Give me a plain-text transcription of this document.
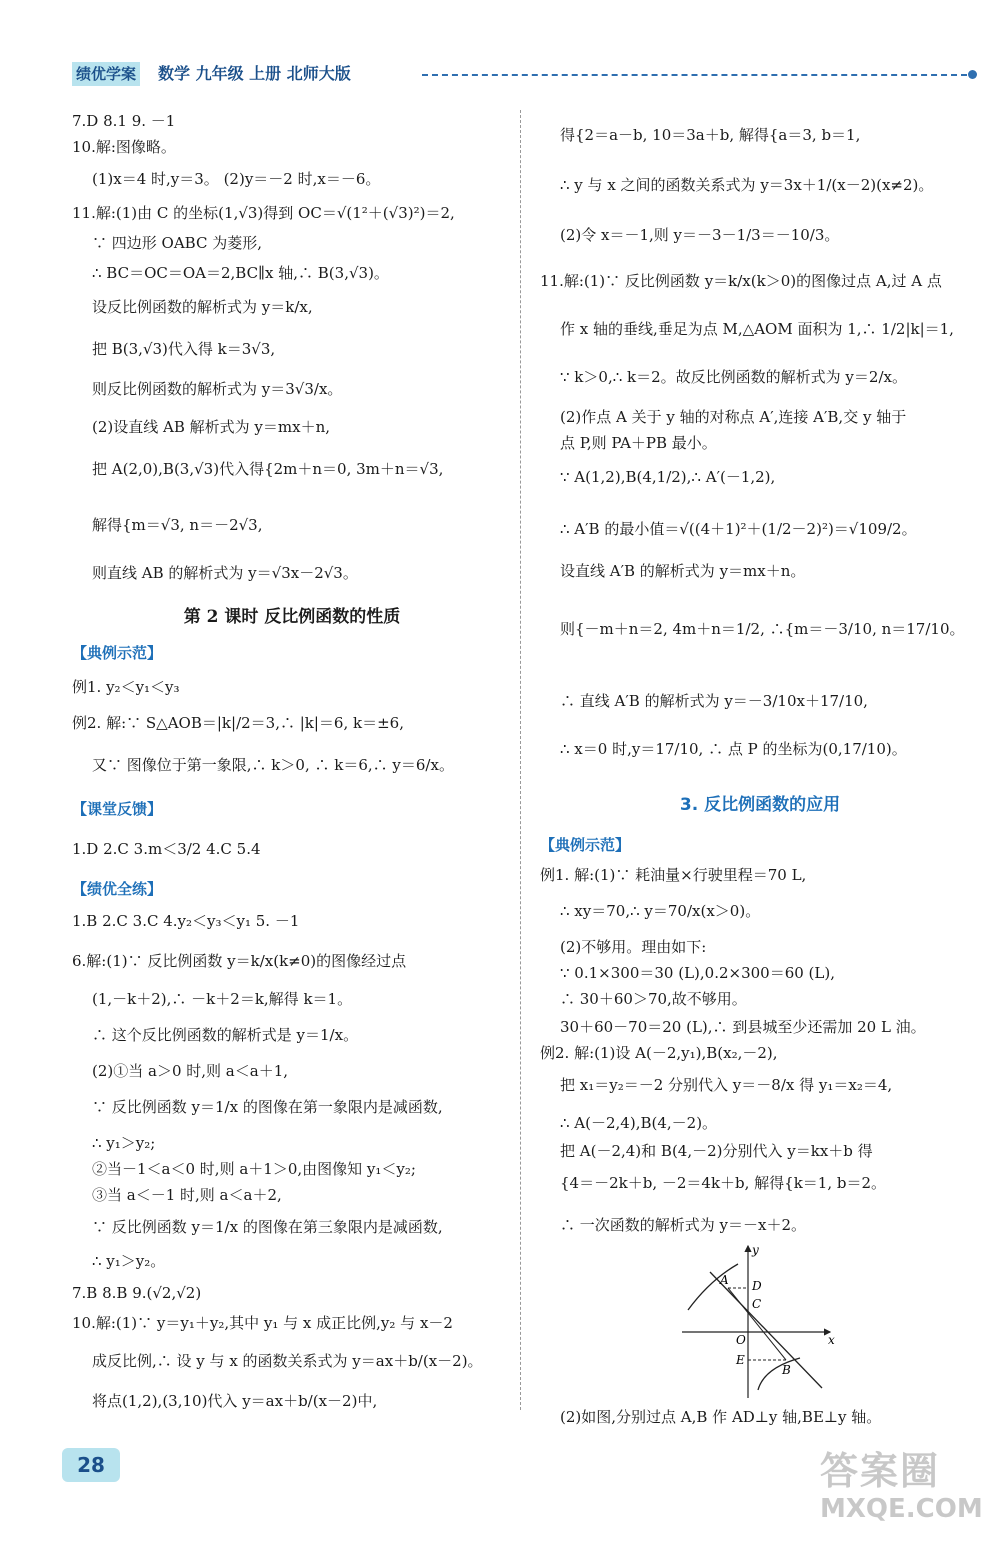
绩优学案 数学 九年级 上册 北师大版
7.D 8.1 9. －1
10.解:图像略。
(1)x＝4 时,y＝3。 (2)y＝－2 时,x＝－6。
11.解:(1)由 C 的坐标(1,√3)得到 OC＝√(1²＋(√3)²)＝2,
∵ 四边形 OABC 为菱形,
∴ BC＝OC＝OA＝2,BC∥x 轴,∴ B(3,√3)。
设反比例函数的解析式为 y＝k/x,
把 B(3,√3)代入得 k＝3√3,
则反比例函数的解析式为 y＝3√3/x。
(2)设直线 AB 解析式为 y＝mx＋n,
把 A(2,0),B(3,√3)代入得{2m＋n＝0, 3m＋n＝√3,
解得{m＝√3, n＝－2√3,
则直线 AB 的解析式为 y＝√3x－2√3。
第 2 课时 反比例函数的性质
【典例示范】
例1. y₂＜y₁＜y₃
例2. 解:∵ S△AOB＝|k|/2＝3,∴ |k|＝6, k＝±6,
又∵ 图像位于第一象限,∴ k＞0, ∴ k＝6,∴ y＝6/x。
【课堂反馈】
1.D 2.C 3.m＜3/2 4.C 5.4
【绩优全练】
1.B 2.C 3.C 4.y₂＜y₃＜y₁ 5. －1
6.解:(1)∵ 反比例函数 y＝k/x(k≠0)的图像经过点
(1,－k＋2),∴ －k＋2＝k,解得 k＝1。
∴ 这个反比例函数的解析式是 y＝1/x。
(2)①当 a＞0 时,则 a＜a＋1,
∵ 反比例函数 y＝1/x 的图像在第一象限内是减函数,
∴ y₁＞y₂;
②当－1＜a＜0 时,则 a＋1＞0,由图像知 y₁＜y₂;
③当 a＜－1 时,则 a＜a＋2,
∵ 反比例函数 y＝1/x 的图像在第三象限内是减函数,
∴ y₁＞y₂。
7.B 8.B 9.(√2,√2)
10.解:(1)∵ y＝y₁＋y₂,其中 y₁ 与 x 成正比例,y₂ 与 x－2
成反比例,∴ 设 y 与 x 的函数关系式为 y＝ax＋b/(x－2)。
将点(1,2),(3,10)代入 y＝ax＋b/(x－2)中,
得{2＝a－b, 10＝3a＋b, 解得{a＝3, b＝1,
∴ y 与 x 之间的函数关系式为 y＝3x＋1/(x－2)(x≠2)。
(2)令 x＝－1,则 y＝－3－1/3＝－10/3。
11.解:(1)∵ 反比例函数 y＝k/x(k＞0)的图像过点 A,过 A 点
作 x 轴的垂线,垂足为点 M,△AOM 面积为 1,∴ 1/2|k|＝1,
∵ k＞0,∴ k＝2。故反比例函数的解析式为 y＝2/x。
(2)作点 A 关于 y 轴的对称点 A′,连接 A′B,交 y 轴于
点 P,则 PA＋PB 最小。
∵ A(1,2),B(4,1/2),∴ A′(－1,2),
∴ A′B 的最小值＝√((4＋1)²＋(1/2－2)²)＝√109/2。
设直线 A′B 的解析式为 y＝mx＋n。
则{－m＋n＝2, 4m＋n＝1/2, ∴{m＝－3/10, n＝17/10。
∴ 直线 A′B 的解析式为 y＝－3/10x＋17/10,
∴ x＝0 时,y＝17/10, ∴ 点 P 的坐标为(0,17/10)。
3. 反比例函数的应用
【典例示范】
例1. 解:(1)∵ 耗油量×行驶里程＝70 L,
∴ xy＝70,∴ y＝70/x(x＞0)。
(2)不够用。理由如下:
∵ 0.1×300＝30 (L),0.2×300＝60 (L),
∴ 30＋60＞70,故不够用。
30＋60－70＝20 (L),∴ 到县城至少还需加 20 L 油。
例2. 解:(1)设 A(－2,y₁),B(x₂,－2),
把 x₁＝y₂＝－2 分别代入 y＝－8/x 得 y₁＝x₂＝4,
∴ A(－2,4),B(4,－2)。
把 A(－2,4)和 B(4,－2)分别代入 y＝kx＋b 得
{4＝－2k＋b, －2＝4k＋b, 解得{k＝1, b＝2。
∴ 一次函数的解析式为 y＝－x＋2。
(2)如图,分别过点 A,B 作 AD⊥y 轴,BE⊥y 轴。
y
x
A D
C
O
E
B
28	答案圈
MXQE.COM
